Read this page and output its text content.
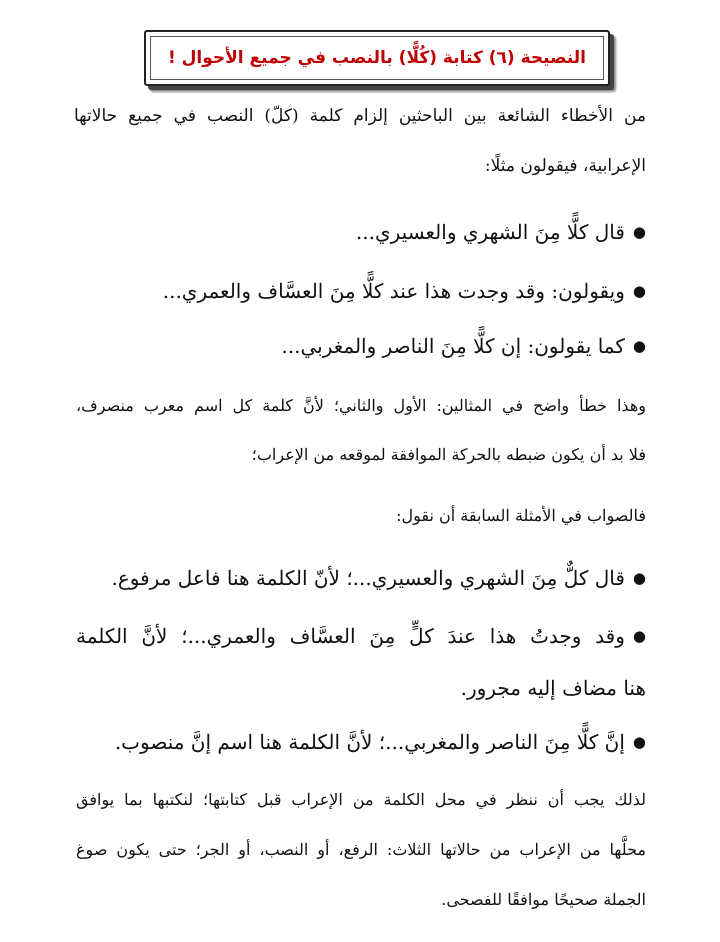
النصيحة (٦) كتابة (كُلًّا) بالنصب في جميع الأحوال !
من الأخطاء الشائعة بين الباحثين إلزام كلمة (كلّ) النصب في جميع حالاتها
الإعرابية، فيقولون مثلًا:
●قال كلًّا مِنَ الشهري والعسيري...
●ويقولون: وقد وجدت هذا عند كلًّا مِنَ العسَّاف والعمري...
●كما يقولون: إن كلًّا مِنَ الناصر والمغربي...
وهذا خطأ واضح في المثالين: الأول والثاني؛ لأنَّ كلمة كل اسم معرب منصرف،
فلا بد أن يكون ضبطه بالحركة الموافقة لموقعه من الإعراب؛
فالصواب في الأمثلة السابقة أن نقول:
●قال كلٌّ مِنَ الشهري والعسيري...؛ لأنّ الكلمة هنا فاعل مرفوع.
●وقد وجدتُ هذا عندَ كلٍّ مِنَ العسَّاف والعمري...؛ لأنَّ الكلمة
هنا مضاف إليه مجرور.
●إنَّ كلًّا مِنَ الناصر والمغربي...؛ لأنَّ الكلمة هنا اسم إنَّ منصوب.
لذلك يجب أن ننظر في محل الكلمة من الإعراب قبل كتابتها؛ لنكتبها بما يوافق
محلَّها من الإعراب من حالاتها الثلاث: الرفع، أو النصب، أو الجر؛ حتى يكون صوغ
الجملة صحيحًا موافقًا للفصحى.
